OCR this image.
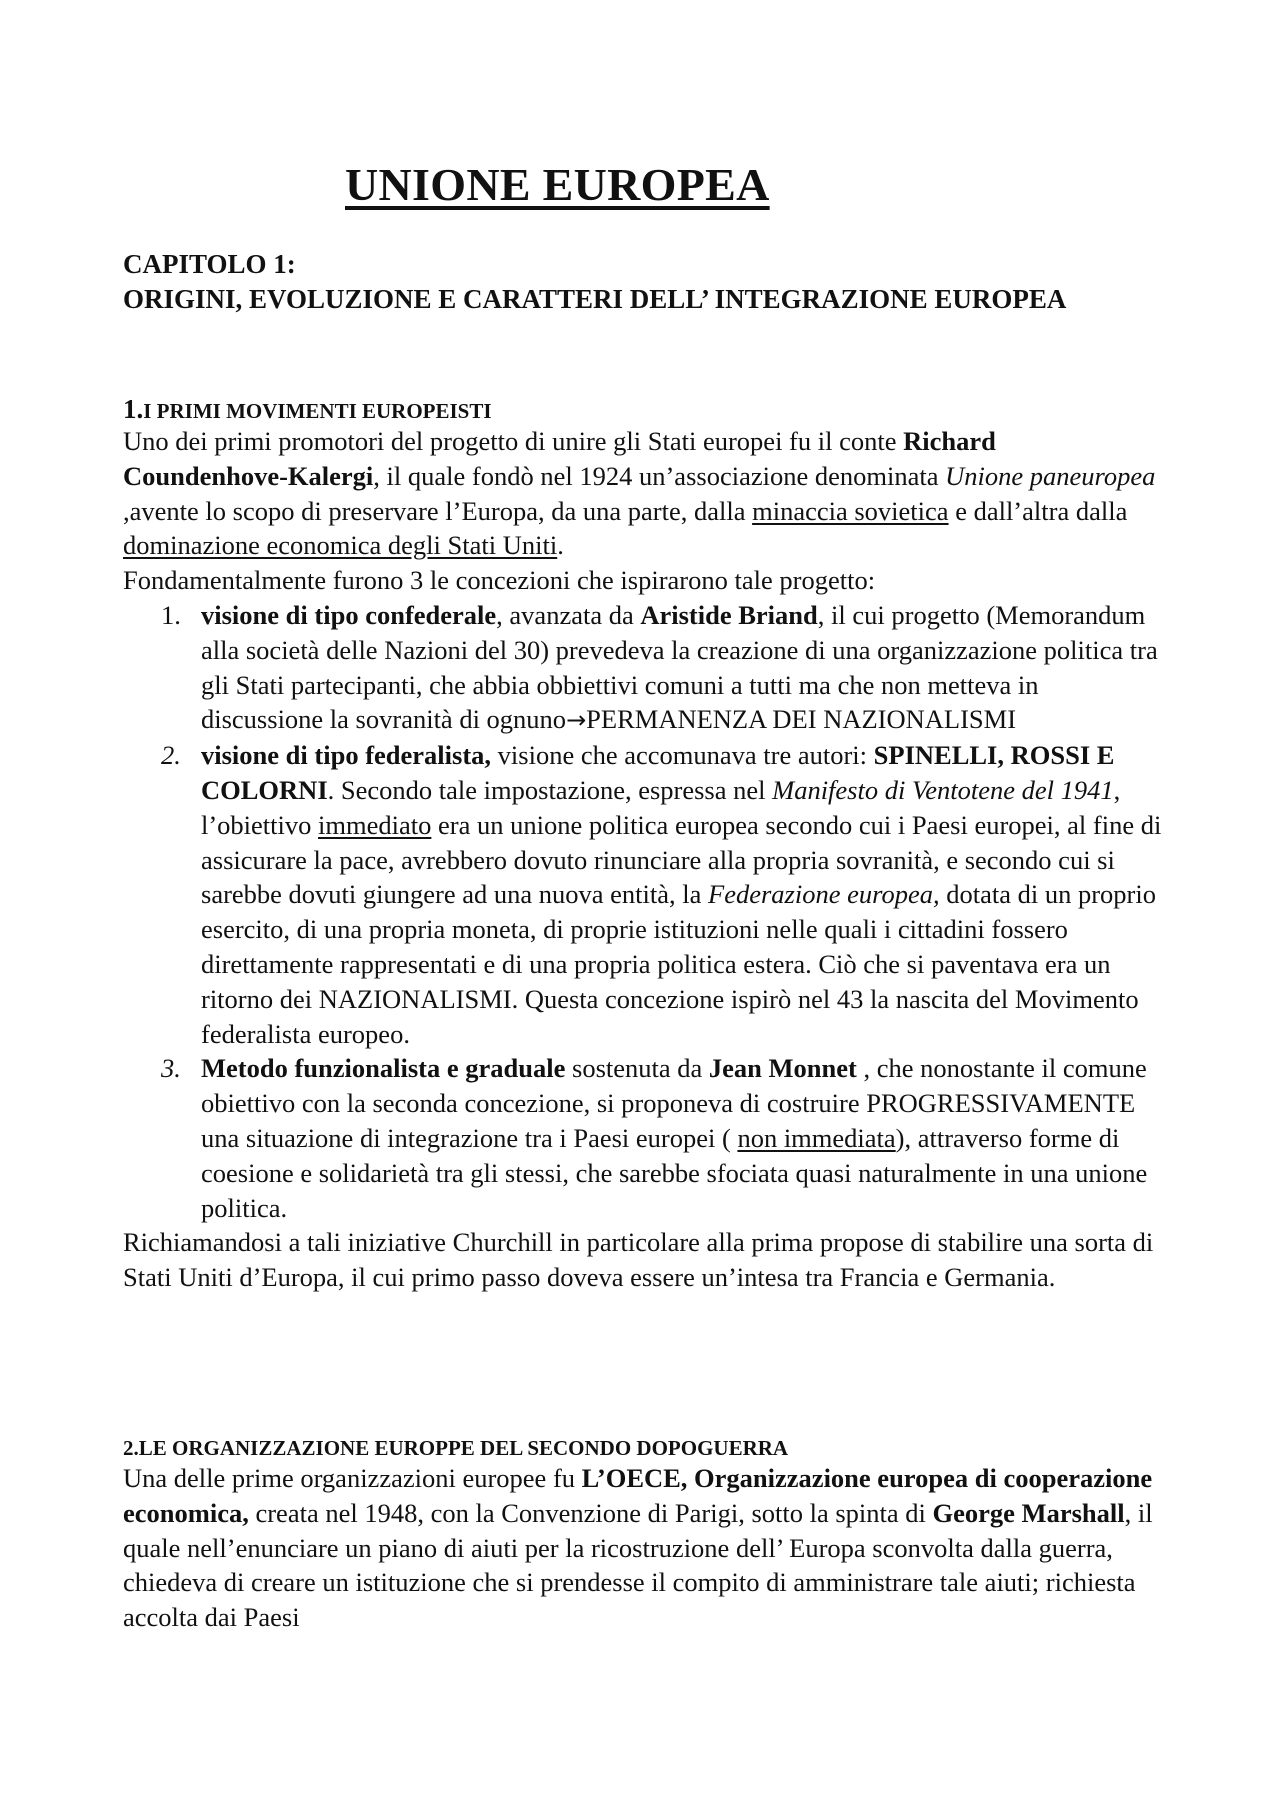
UNIONE EUROPEA
CAPITOLO 1:
ORIGINI, EVOLUZIONE E CARATTERI DELL’ INTEGRAZIONE EUROPEA
1.I PRIMI MOVIMENTI EUROPEISTI

Uno dei primi promotori del progetto di unire gli Stati europei fu il conte Richard Coundenhove-Kalergi, il quale fondò nel 1924 un’associazione denominata Unione paneuropea ,avente lo scopo di preservare l’Europa, da una parte, dalla minaccia sovietica e dall’altra dalla dominazione economica degli Stati Uniti.

Fondamentalmente furono 3 le concezioni che ispirarono tale progetto:

1. visione di tipo confederale, avanzata da Aristide Briand, il cui progetto (Memorandum alla società delle Nazioni del 30) prevedeva la creazione di una organizzazione politica tra gli Stati partecipanti, che abbia obbiettivi comuni a tutti ma che non metteva in discussione la sovranità di ognuno→PERMANENZA DEI NAZIONALISMI
2. visione di tipo federalista, visione che accomunava tre autori: SPINELLI, ROSSI E COLORNI. Secondo tale impostazione, espressa nel Manifesto di Ventotene del 1941, l’obiettivo immediato era un unione politica europea secondo cui i Paesi europei, al fine di assicurare la pace, avrebbero dovuto rinunciare alla propria sovranità, e secondo cui si sarebbe dovuti giungere ad una nuova entità, la Federazione europea, dotata di un proprio esercito, di una propria moneta, di proprie istituzioni nelle quali i cittadini fossero direttamente rappresentati e di una propria politica estera. Ciò che si paventava era un ritorno dei NAZIONALISMI. Questa concezione ispirò nel 43 la nascita del Movimento federalista europeo.
3. Metodo funzionalista e graduale sostenuta da Jean Monnet , che nonostante il comune obiettivo con la seconda concezione, si proponeva di costruire PROGRESSIVAMENTE una situazione di integrazione tra i Paesi europei ( non immediata), attraverso forme di coesione e solidarietà tra gli stessi, che sarebbe sfociata quasi naturalmente in una unione politica.

Richiamandosi a tali iniziative Churchill in particolare alla prima propose di stabilire una sorta di Stati Uniti d’Europa, il cui primo passo doveva essere un’intesa tra Francia e Germania.

2.LE ORGANIZZAZIONE EUROPPE DEL SECONDO DOPOGUERRA

Una delle prime organizzazioni europee fu L’OECE, Organizzazione europea di cooperazione economica, creata nel 1948, con la Convenzione di Parigi, sotto la spinta di George Marshall, il quale nell’enunciare un piano di aiuti per la ricostruzione dell’ Europa sconvolta dalla guerra, chiedeva di creare un istituzione che si prendesse il compito di amministrare tale aiuti; richiesta accolta dai Paesi
